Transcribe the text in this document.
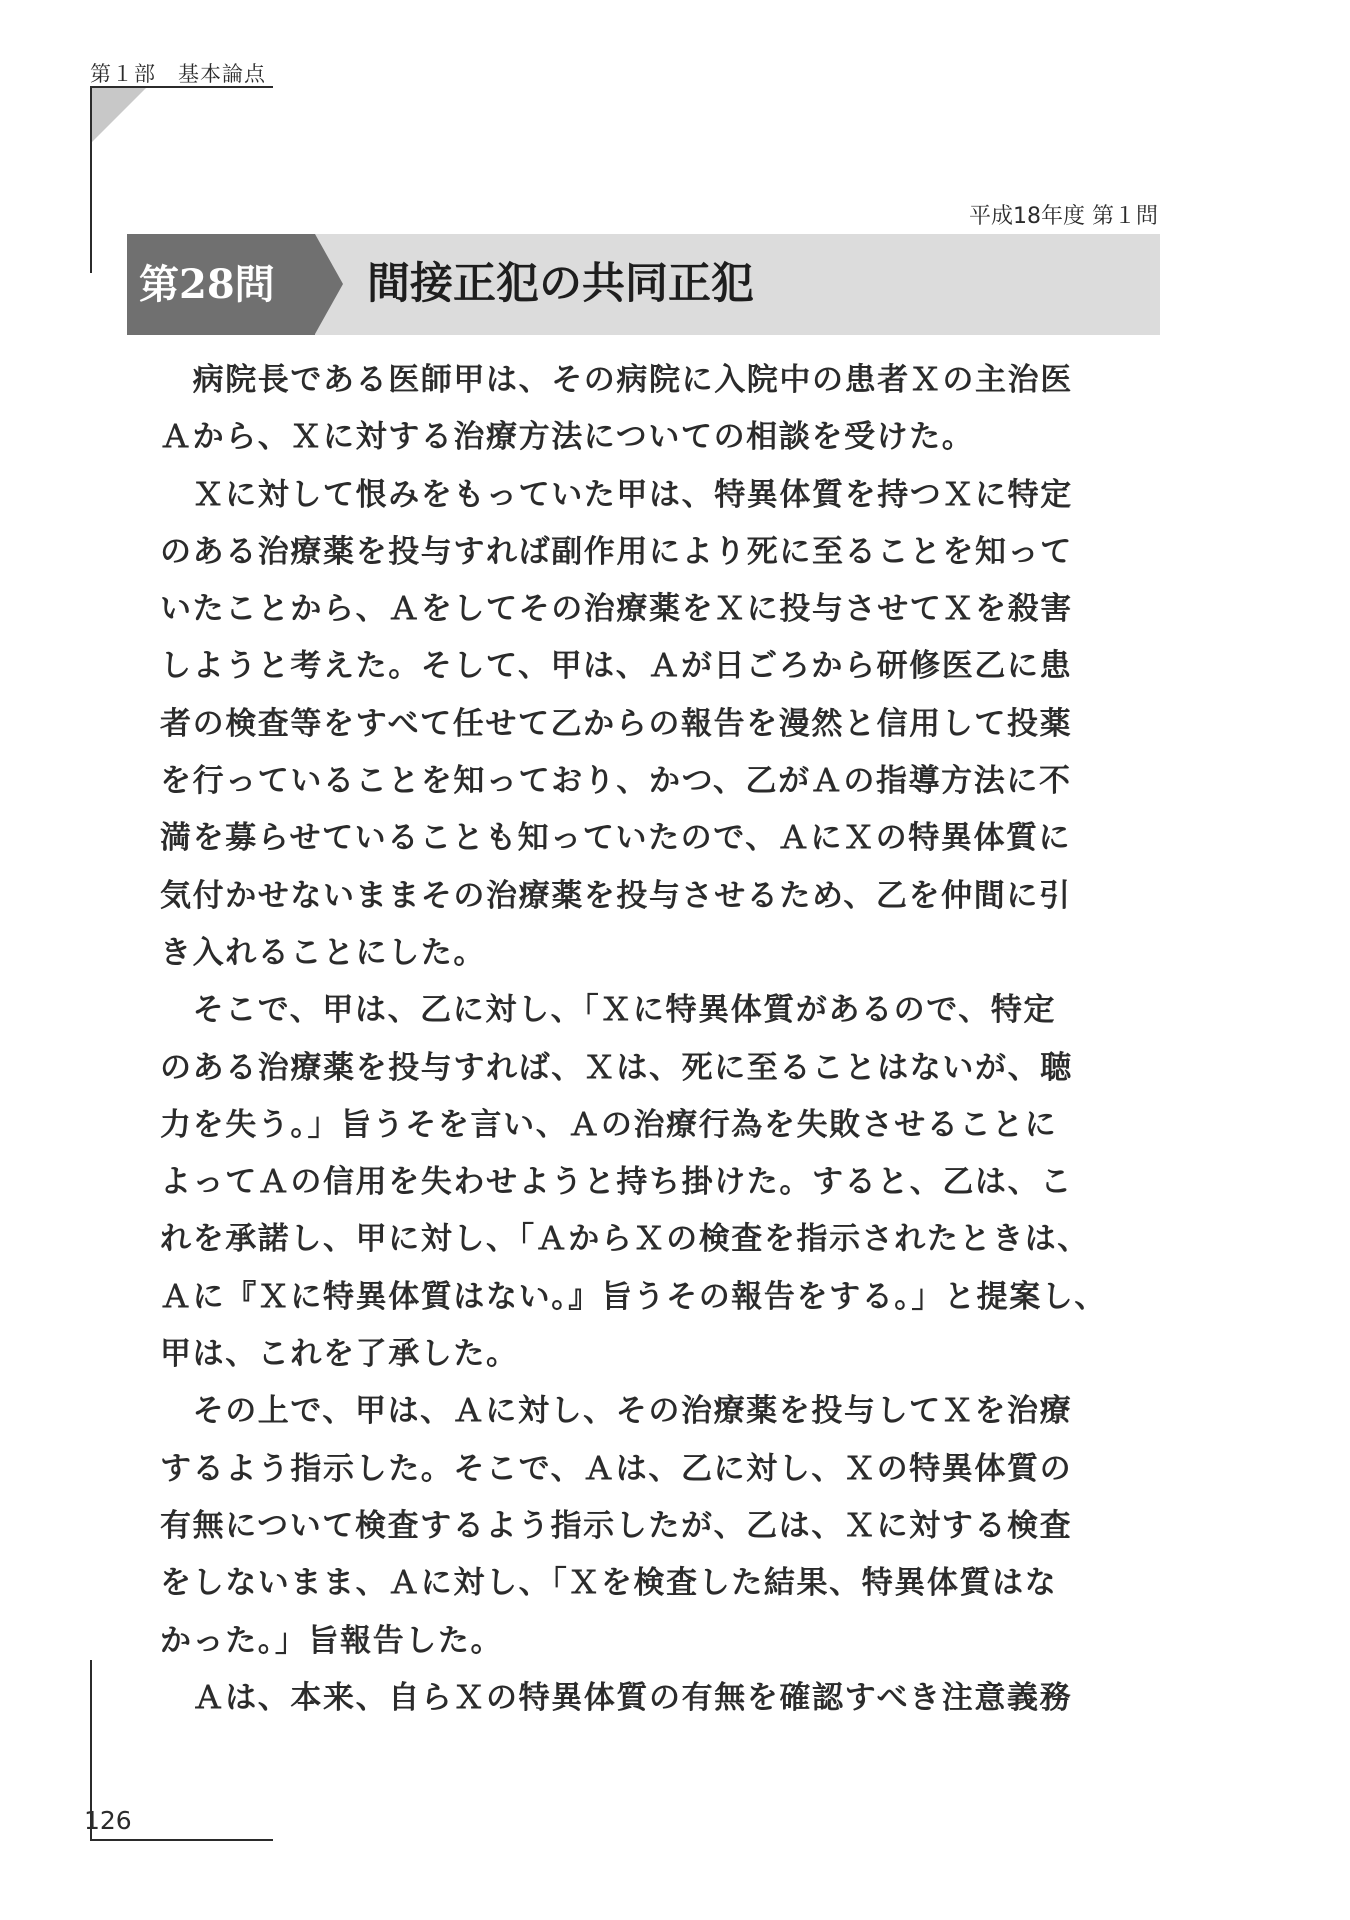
第１部　基本論点
平成18年度 第１問
第28問	間接正犯の共同正犯
　病院長である医師甲は、その病院に入院中の患者Ｘの主治医
Ａから、Ｘに対する治療方法についての相談を受けた。
　Ｘに対して恨みをもっていた甲は、特異体質を持つＸに特定
のある治療薬を投与すれば副作用により死に至ることを知って
いたことから、Ａをしてその治療薬をＸに投与させてＸを殺害
しようと考えた。そして、甲は、Ａが日ごろから研修医乙に患
者の検査等をすべて任せて乙からの報告を漫然と信用して投薬
を行っていることを知っており、かつ、乙がＡの指導方法に不
満を募らせていることも知っていたので、ＡにＸの特異体質に
気付かせないままその治療薬を投与させるため、乙を仲間に引
き入れることにした。
　そこで、甲は、乙に対し、「Ｘに特異体質があるので、特定
のある治療薬を投与すれば、Ｘは、死に至ることはないが、聴
力を失う。」旨うそを言い、Ａの治療行為を失敗させることに
よってＡの信用を失わせようと持ち掛けた。すると、乙は、こ
れを承諾し、甲に対し、「ＡからＸの検査を指示されたときは、
Ａに『Ｘに特異体質はない。』旨うその報告をする。」と提案し、
甲は、これを了承した。
　その上で、甲は、Ａに対し、その治療薬を投与してＸを治療
するよう指示した。そこで、Ａは、乙に対し、Ｘの特異体質の
有無について検査するよう指示したが、乙は、Ｘに対する検査
をしないまま、Ａに対し、「Ｘを検査した結果、特異体質はな
かった。」旨報告した。
　Ａは、本来、自らＸの特異体質の有無を確認すべき注意義務
126
